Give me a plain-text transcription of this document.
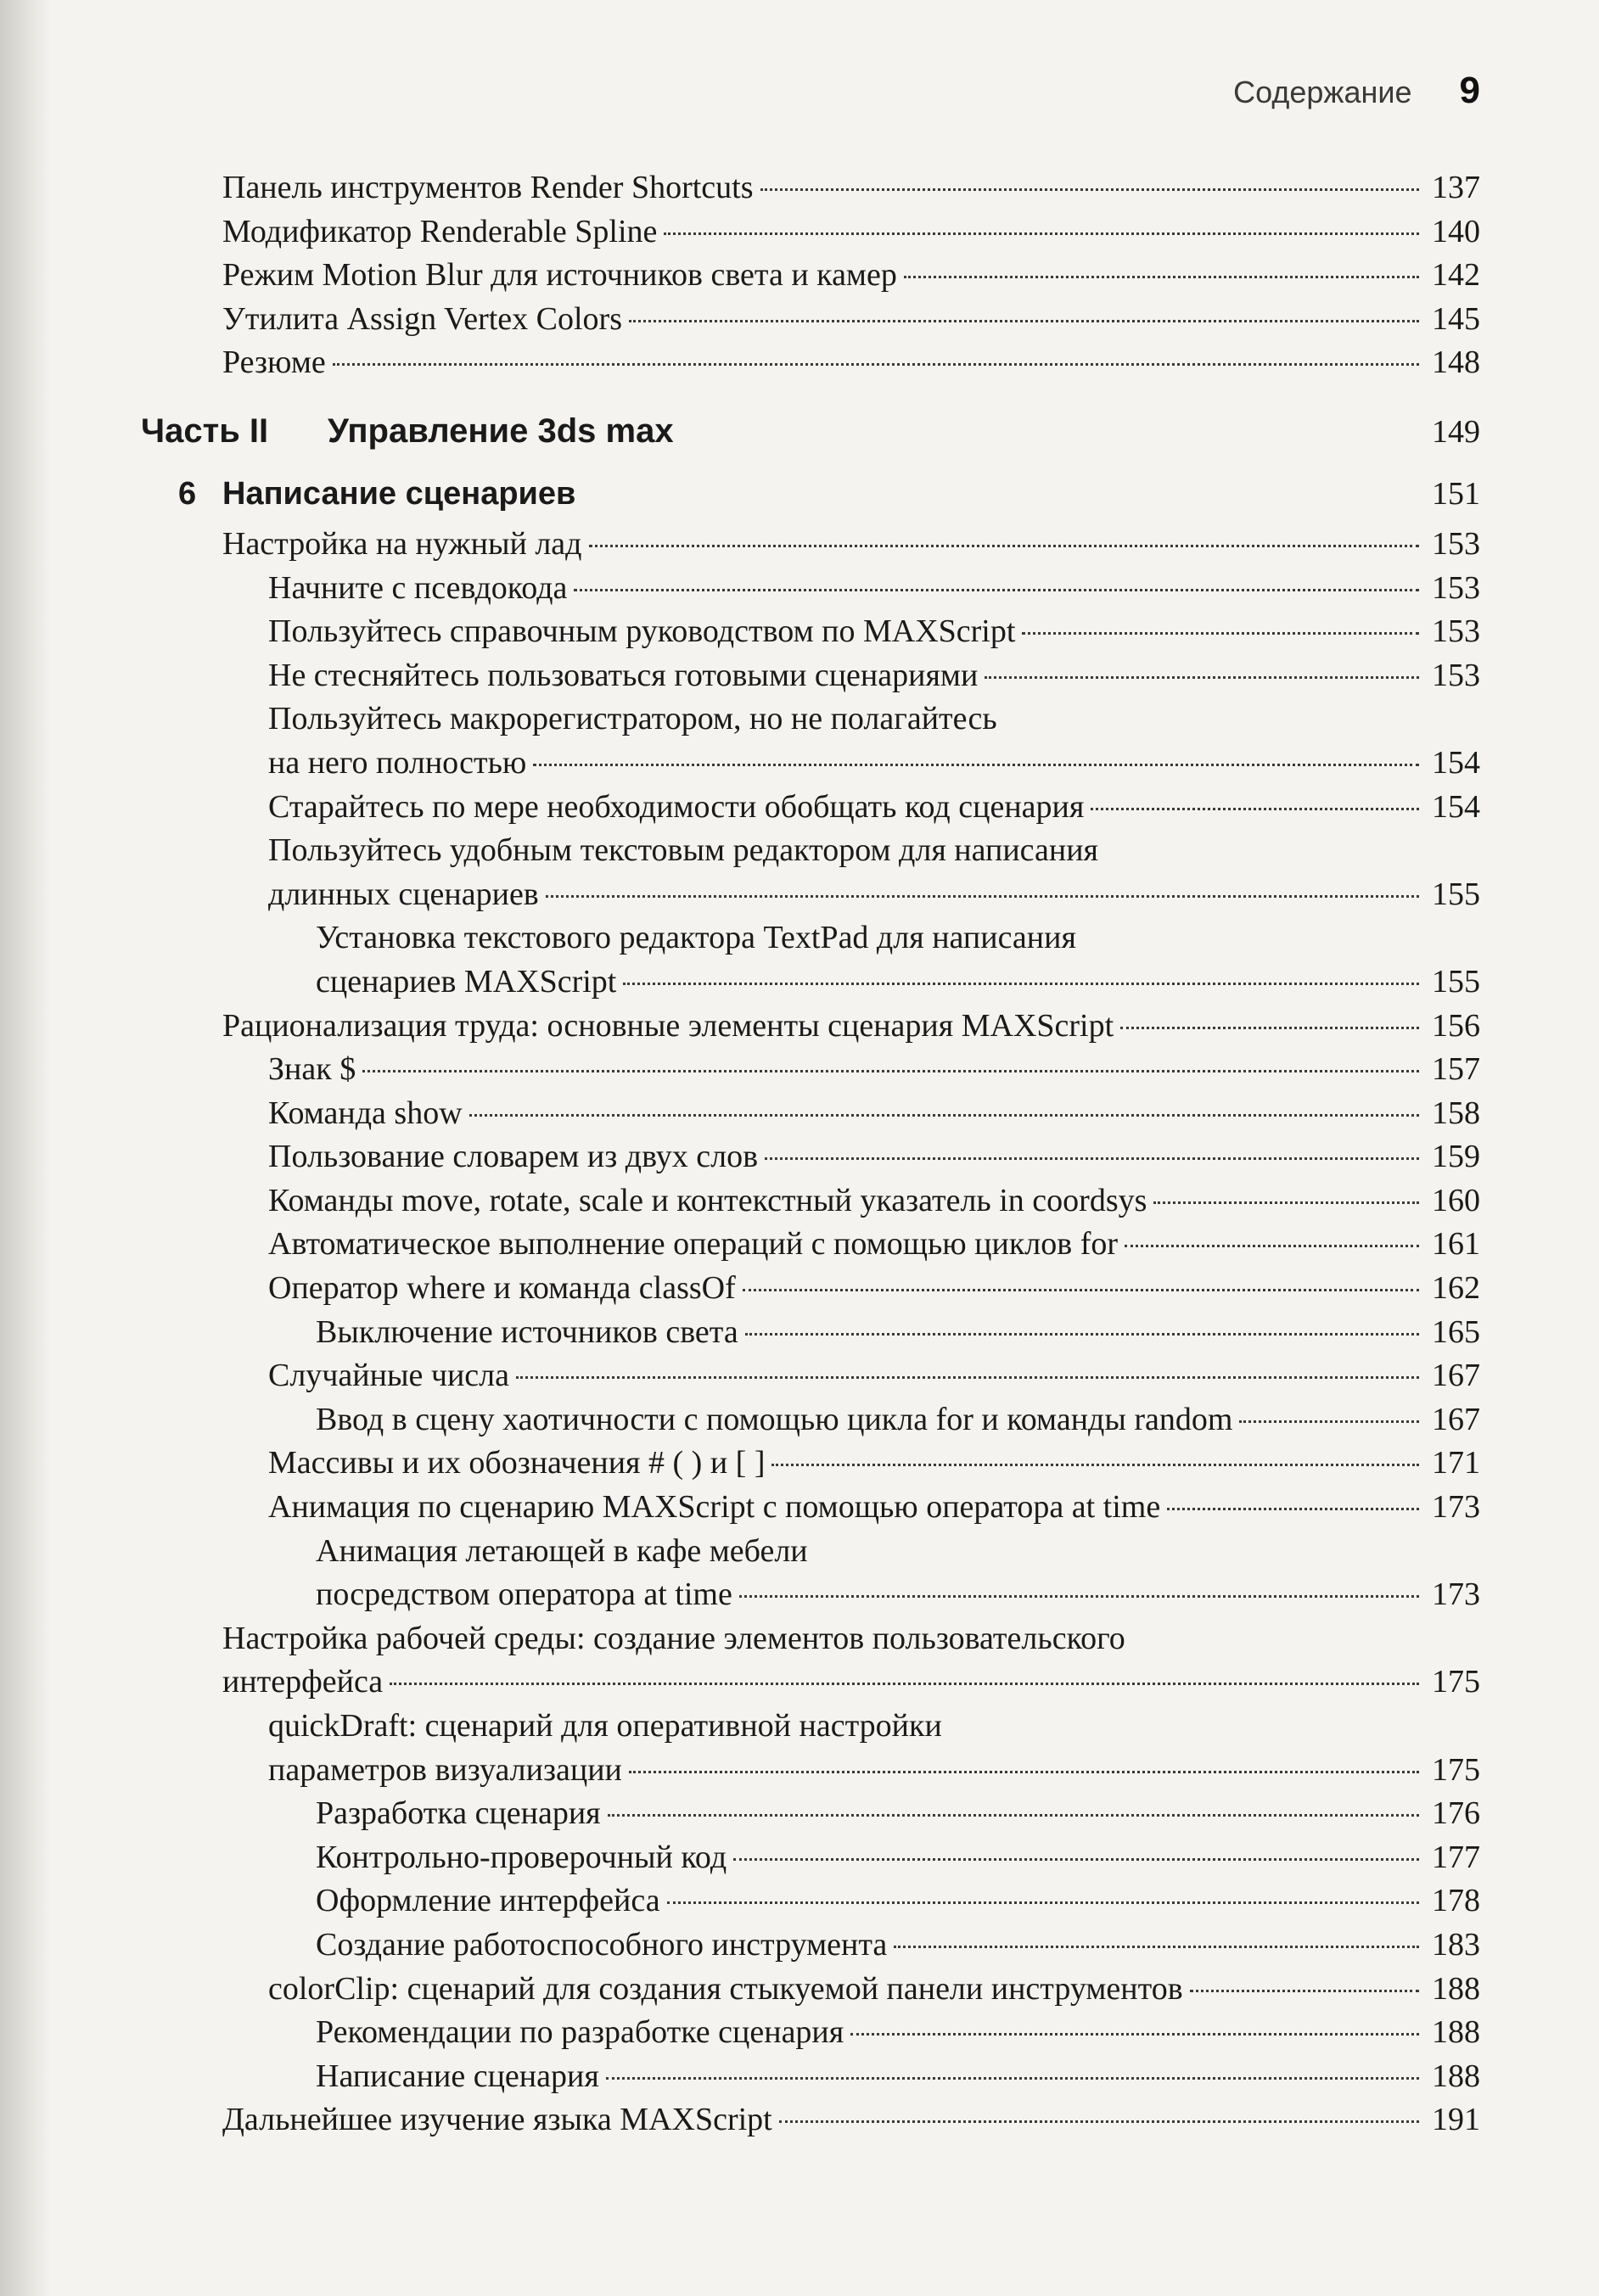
Содержание 9
Панель инструментов Render Shortcuts	137
Модификатор Renderable Spline	140
Режим Motion Blur для источников света и камер	142
Утилита Assign Vertex Colors	145
Резюме	148
Часть II	Управление 3ds max	149
6 Написание сценариев	151
Настройка на нужный лад	153
Начните с псевдокода	153
Пользуйтесь справочным руководством по MAXScript	153
Не стесняйтесь пользоваться готовыми сценариями	153
Пользуйтесь макрорегистратором, но не полагайтесь
на него полностью	154
Старайтесь по мере необходимости обобщать код сценария	154
Пользуйтесь удобным текстовым редактором для написания
длинных сценариев	155
Установка текстового редактора TextPad для написания
сценариев MAXScript	155
Рационализация труда: основные элементы сценария MAXScript	156
Знак $	157
Команда show	158
Пользование словарем из двух слов	159
Команды move, rotate, scale и контекстный указатель in coordsys	160
Автоматическое выполнение операций с помощью циклов for	161
Оператор where и команда classOf	162
Выключение источников света	165
Случайные числа	167
Ввод в сцену хаотичности с помощью цикла for и команды random	167
Массивы и их обозначения # ( ) и [ ]	171
Анимация по сценарию MAXScript с помощью оператора at time	173
Анимация летающей в кафе мебели
посредством оператора at time	173
Настройка рабочей среды: создание элементов пользовательского
интерфейса	175
quickDraft: сценарий для оперативной настройки
параметров визуализации	175
Разработка сценария	176
Контрольно-проверочный код	177
Оформление интерфейса	178
Создание работоспособного инструмента	183
colorClip: сценарий для создания стыкуемой панели инструментов	188
Рекомендации по разработке сценария	188
Написание сценария	188
Дальнейшее изучение языка MAXScript	191
